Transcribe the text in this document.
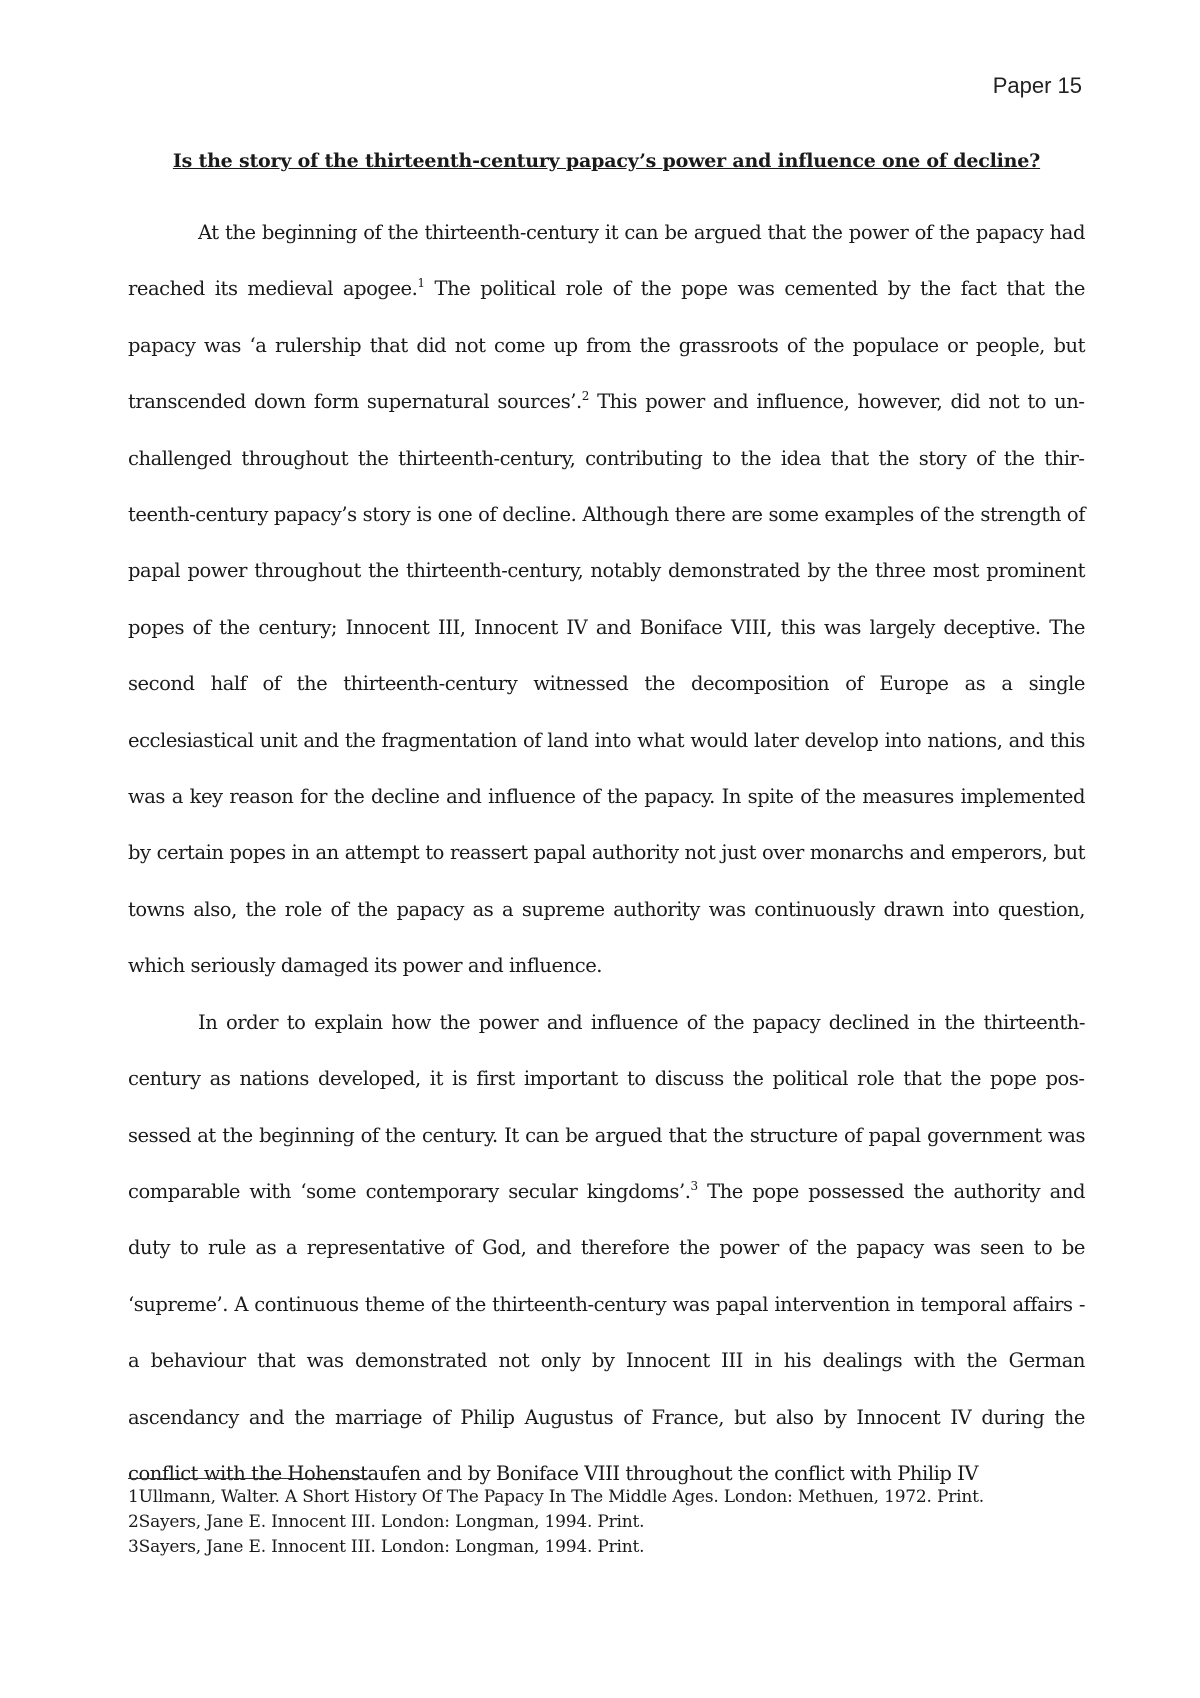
Paper 15
Is the story of the thirteenth-century papacy’s power and influence one of decline?

At the beginning of the thirteenth-century it can be argued that the power of the papacy had reached its medieval apogee.$^1$ The political role of the pope was cemented by the fact that the papacy was ‘a rulership that did not come up from the grassroots of the populace or people, but transcended down form supernatural sources’.$^2$ This power and influence, however, did not to unchallenged throughout the thirteenth-century, contributing to the idea that the story of the thirteenth-century papacy’s story is one of decline. Although there are some examples of the strength of papal power throughout the thirteenth-century, notably demonstrated by the three most prominent popes of the century; Innocent III, Innocent IV and Boniface VIII, this was largely deceptive. The second half of the thirteenth-century witnessed the decomposition of Europe as a single ecclesiastical unit and the fragmentation of land into what would later develop into nations, and this was a key reason for the decline and influence of the papacy. In spite of the measures implemented by certain popes in an attempt to reassert papal authority not just over monarchs and emperors, but towns also, the role of the papacy as a supreme authority was continuously drawn into question, which seriously damaged its power and influence.

In order to explain how the power and influence of the papacy declined in the thirteenth-century as nations developed, it is first important to discuss the political role that the pope possessed at the beginning of the century. It can be argued that the structure of papal government was comparable with ‘some contemporary secular kingdoms’.$^3$ The pope possessed the authority and duty to rule as a representative of God, and therefore the power of the papacy was seen to be ‘supreme’. A continuous theme of the thirteenth-century was papal intervention in temporal affairs - a behaviour that was demonstrated not only by Innocent III in his dealings with the German ascendancy and the marriage of Philip Augustus of France, but also by Innocent IV during the conflict with the Hohenstaufen and by Boniface VIII throughout the conflict with Philip IV

1Ullmann, Walter. A Short History Of The Papacy In The Middle Ages. London: Methuen, 1972. Print.
2Sayers, Jane E. Innocent III. London: Longman, 1994. Print.
3Sayers, Jane E. Innocent III. London: Longman, 1994. Print.
